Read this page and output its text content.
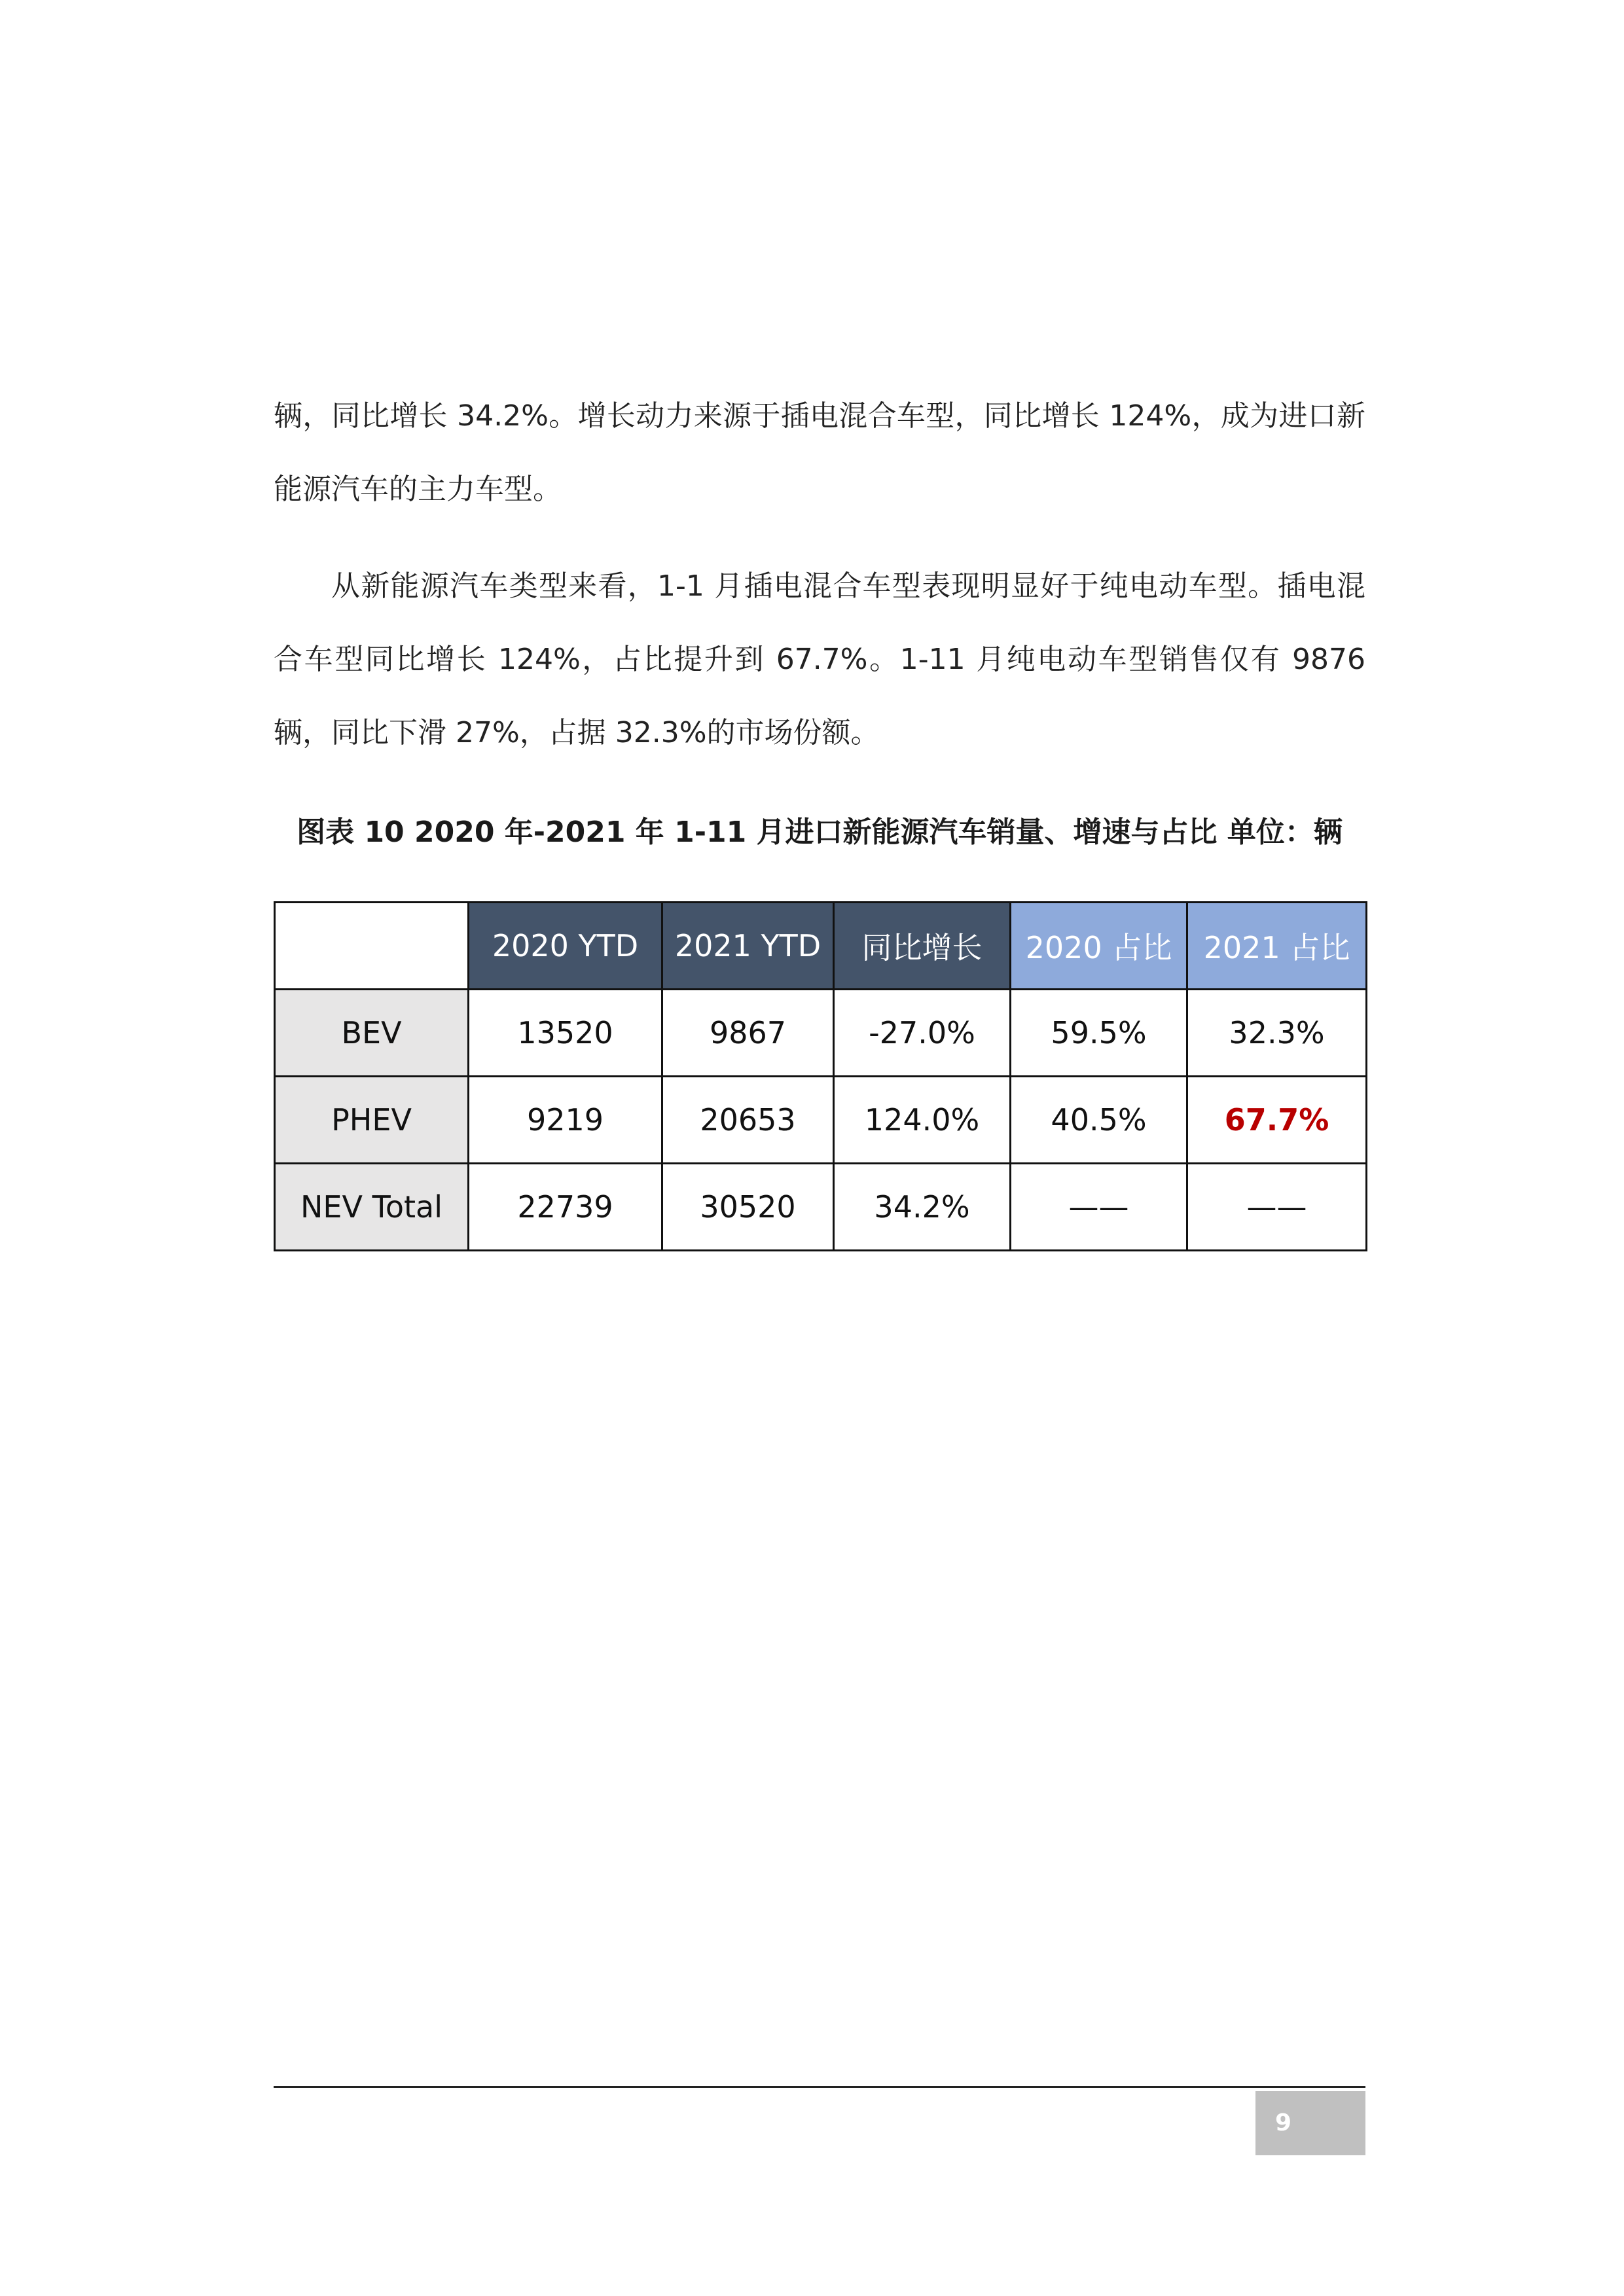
辆，同比增长 34.2%。增长动力来源于插电混合车型，同比增长 124%，成为进口新能源汽车的主力车型。

从新能源汽车类型来看，1-1 月插电混合车型表现明显好于纯电动车型。插电混合车型同比增长 124%，占比提升到 67.7%。1-11 月纯电动车型销售仅有 9876 辆，同比下滑 27%，占据 32.3%的市场份额。

图表 10 2020 年-2021 年 1-11 月进口新能源汽车销量、增速与占比 单位：辆
	2020 YTD	2021 YTD	同比增长	2020 占比	2021 占比
BEV	13520	9867	-27.0%	59.5%	32.3%
PHEV	9219	20653	124.0%	40.5%	67.7%
NEV Total	22739	30520	34.2%	——	——
9
